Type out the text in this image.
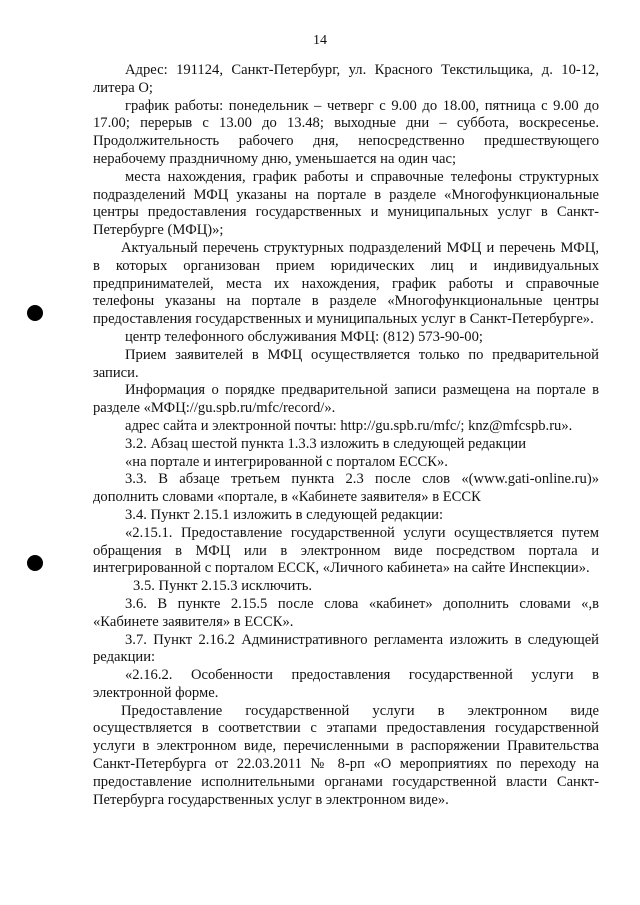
14

Адрес: 191124, Санкт-Петербург, ул. Красного Текстильщика, д. 10-12, литера О;

график работы: понедельник – четверг с 9.00 до 18.00, пятница с 9.00 до 17.00; перерыв с 13.00 до 13.48; выходные дни – суббота, воскресенье. Продолжительность рабочего дня, непосредственно предшествующего нерабочему праздничному дню, уменьшается на один час;

места нахождения, график работы и справочные телефоны структурных подразделений МФЦ указаны на портале в разделе «Многофункциональные центры предоставления государственных и муниципальных услуг в Санкт-Петербурге (МФЦ)»;

Актуальный перечень структурных подразделений МФЦ и перечень МФЦ, в которых организован прием юридических лиц и индивидуальных предпринимателей, места их нахождения, график работы и справочные телефоны указаны на портале в разделе «Многофункциональные центры предоставления государственных и муниципальных услуг в Санкт-Петербурге».

центр телефонного обслуживания МФЦ: (812) 573-90-00;

Прием заявителей в МФЦ осуществляется только по предварительной записи.

Информация о порядке предварительной записи размещена на портале в разделе «МФЦ://gu.spb.ru/mfc/record/».

адрес сайта и электронной почты: http://gu.spb.ru/mfc/; knz@mfcspb.ru».

3.2. Абзац шестой пункта 1.3.3 изложить в следующей редакции

«на портале и интегрированной с порталом ЕССК».

3.3. В абзаце третьем пункта 2.3 после слов «(www.gati-online.ru)» дополнить словами «портале, в «Кабинете заявителя» в ЕССК

3.4. Пункт 2.15.1 изложить в следующей редакции:

«2.15.1. Предоставление государственной услуги осуществляется путем обращения в МФЦ или в электронном виде посредством портала и интегрированной с порталом ЕССК, «Личного кабинета» на сайте Инспекции».

3.5. Пункт 2.15.3 исключить.

3.6. В пункте 2.15.5 после слова «кабинет» дополнить словами «,в «Кабинете заявителя» в ЕССК».

3.7. Пункт 2.16.2 Административного регламента изложить в следующей редакции:

«2.16.2. Особенности предоставления государственной услуги в электронной форме.

Предоставление государственной услуги в электронном виде осуществляется в соответствии с этапами предоставления государственной услуги в электронном виде, перечисленными в распоряжении Правительства Санкт-Петербурга от 22.03.2011 № 8-рп «О мероприятиях по переходу на предоставление исполнительными органами государственной власти Санкт-Петербурга государственных услуг в электронном виде».
